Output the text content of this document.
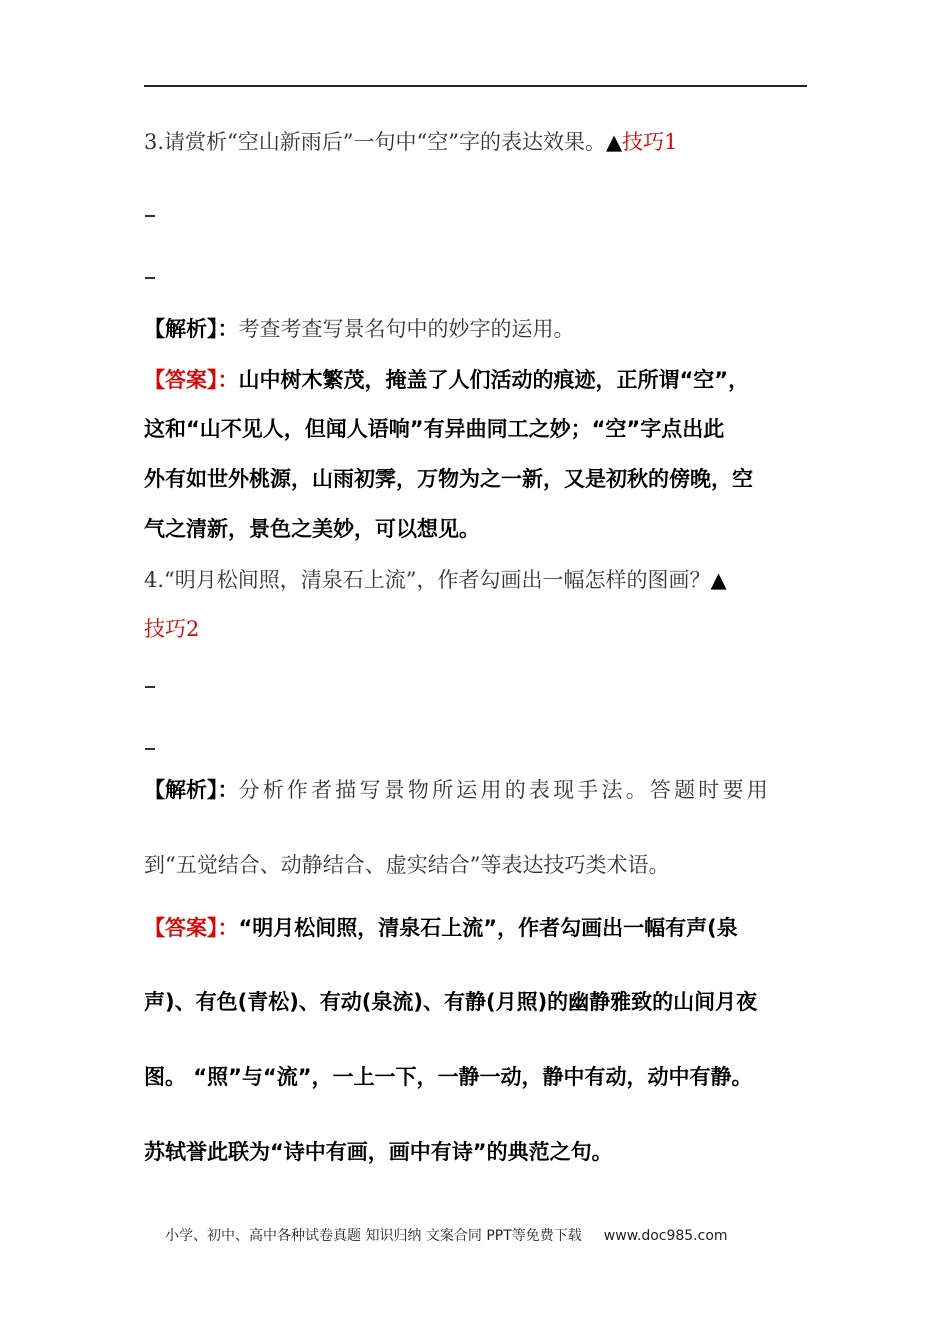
3.请赏析“空山新雨后”一句中“空”字的表达效果。▲技巧1
【解析】：考查考查写景名句中的妙字的运用。
【答案】：山中树木繁茂，掩盖了人们活动的痕迹，正所谓“空”，
这和“山不见人，但闻人语响”有异曲同工之妙；“空”字点出此
外有如世外桃源，山雨初霁，万物为之一新，又是初秋的傍晚，空
气之清新，景色之美妙，可以想见。
4.“明月松间照，清泉石上流”，作者勾画出一幅怎样的图画？▲
技巧2
【解析】：分析作者描写景物所运用的表现手法。答题时要用
到“五觉结合、动静结合、虚实结合”等表达技巧类术语。
【答案】：“明月松间照，清泉石上流”，作者勾画出一幅有声(泉
声)、有色(青松)、有动(泉流)、有静(月照)的幽静雅致的山间月夜
图。 “照”与“流”，一上一下，一静一动，静中有动，动中有静。
苏轼誉此联为“诗中有画，画中有诗”的典范之句。
小学、初中、高中各种试卷真题 知识归纳 文案合同 PPT等免费下载 www.doc985.com
